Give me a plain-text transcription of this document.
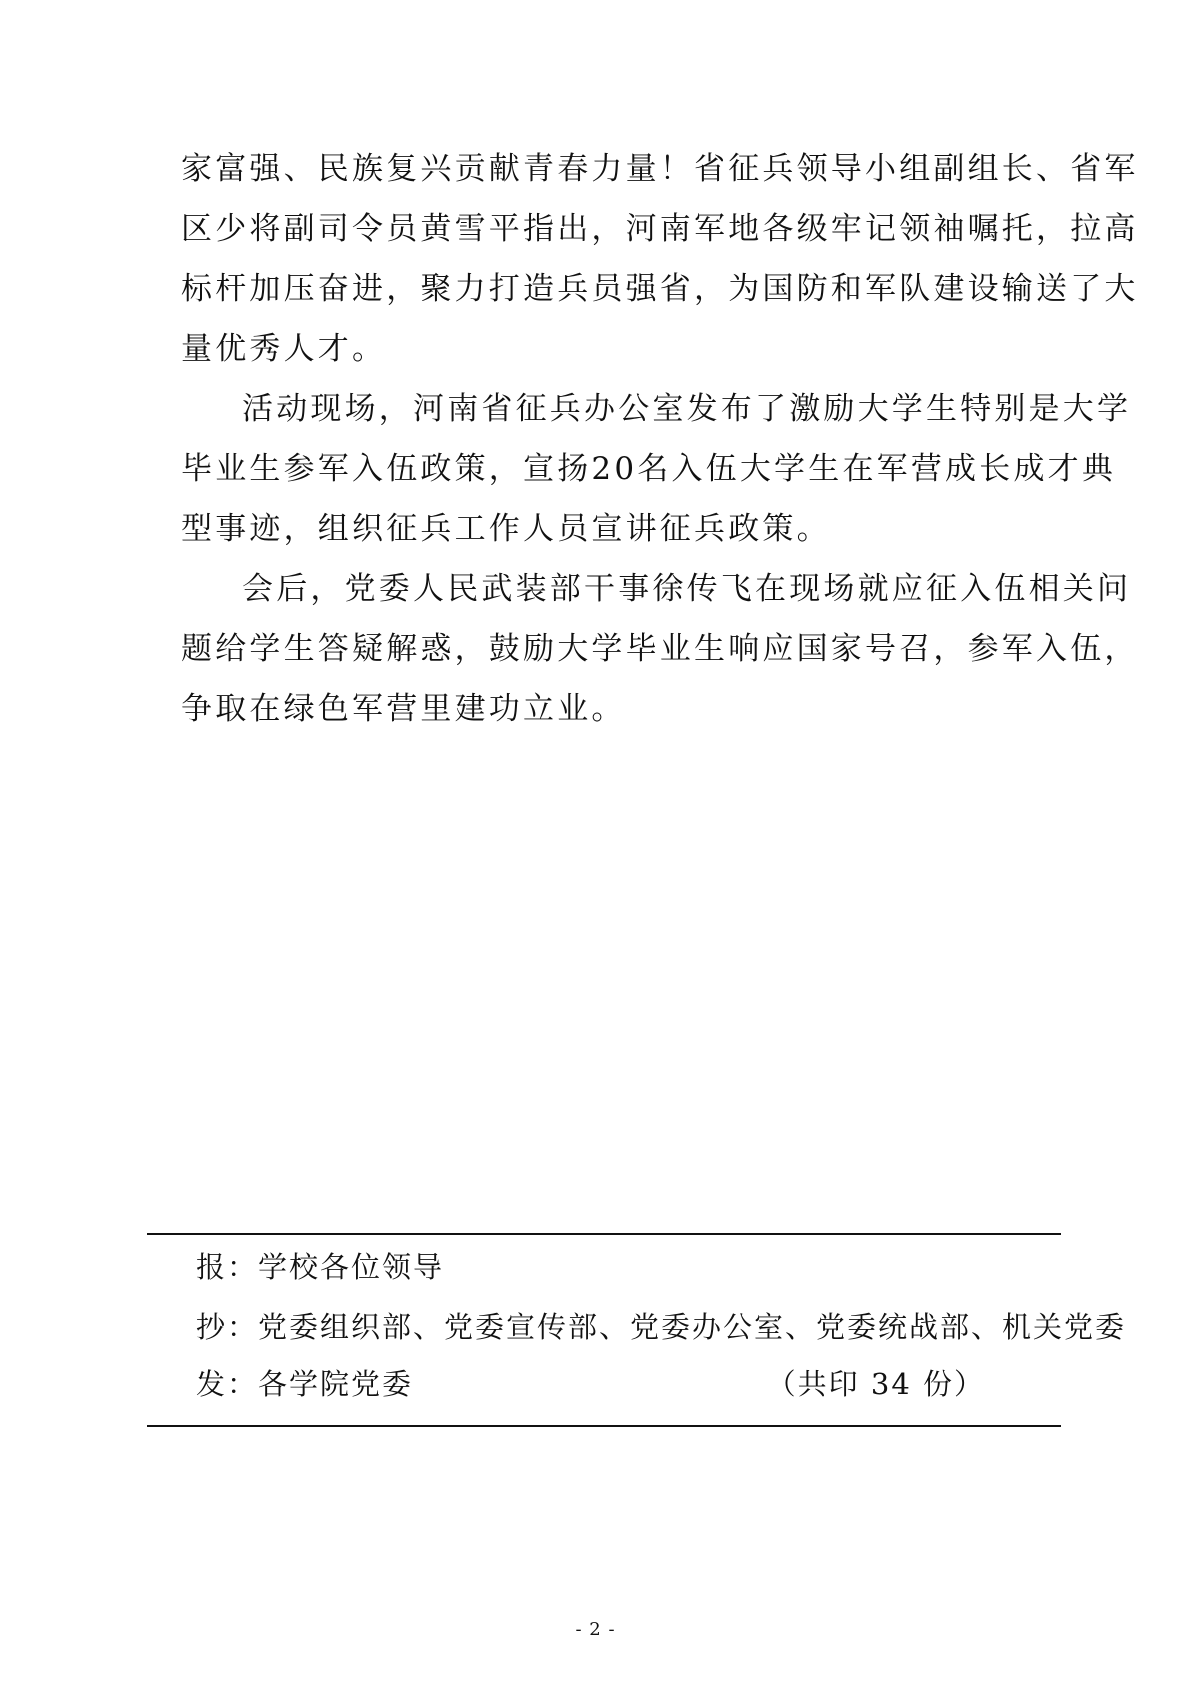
家富强、民族复兴贡献青春力量！省征兵领导小组副组长、省军
区少将副司令员黄雪平指出，河南军地各级牢记领袖嘱托，拉高
标杆加压奋进，聚力打造兵员强省，为国防和军队建设输送了大
量优秀人才。
活动现场，河南省征兵办公室发布了激励大学生特别是大学
毕业生参军入伍政策，宣扬20名入伍大学生在军营成长成才典
型事迹，组织征兵工作人员宣讲征兵政策。
会后，党委人民武装部干事徐传飞在现场就应征入伍相关问
题给学生答疑解惑，鼓励大学毕业生响应国家号召，参军入伍，
争取在绿色军营里建功立业。
报：学校各位领导
抄：党委组织部、党委宣传部、党委办公室、党委统战部、机关党委
发：各学院党委	（共印 34 份）
- 2 -
